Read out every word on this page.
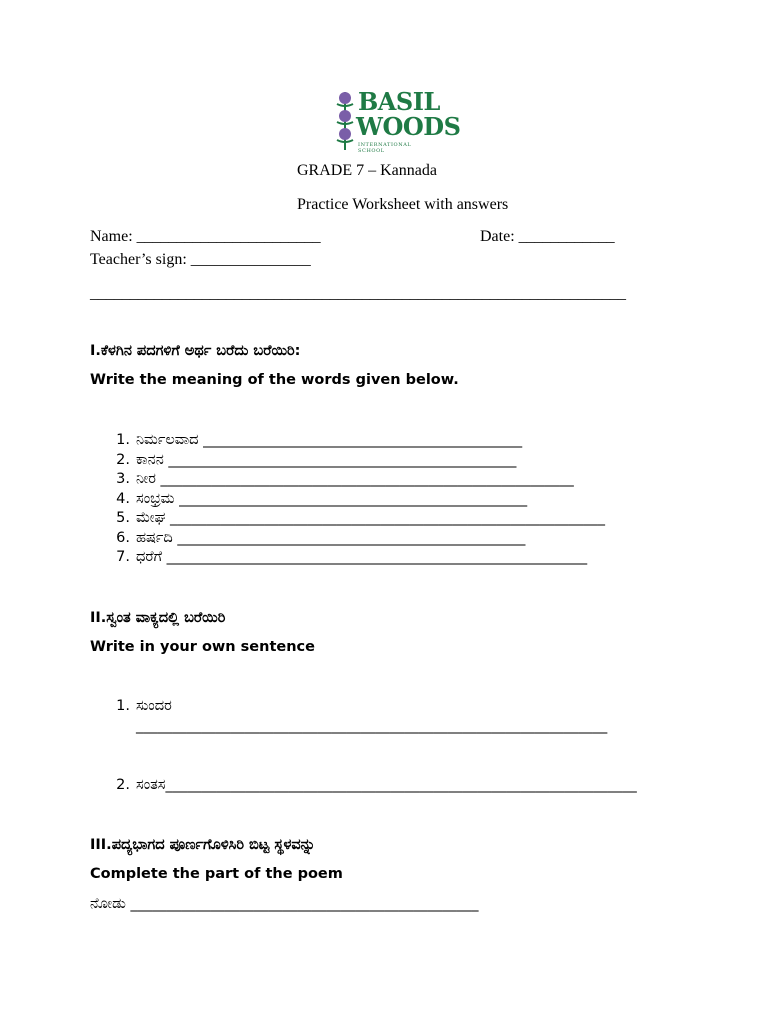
BASIL
WOODS
INTERNATIONAL SCHOOL
GRADE 7 – Kannada
Practice Worksheet with answers
Name: _______________________	Date: ____________
Teacher’s sign: _______________
___________________________________________________________________
I.ಕೆಳಗಿನ ಪದಗಳಿಗೆ ಅರ್ಥ ಬರೆದು ಬರೆಯಿರಿ:
Write the meaning of the words given below.
1. ನಿರ್ಮಲವಾದ ____________________________________________
2. ಕಾನನ ________________________________________________
3. ನೀರ _________________________________________________________
4. ಸಂಭ್ರಮ ________________________________________________
5. ಮೇಘ ____________________________________________________________
6. ಹರ್ಷದಿ ________________________________________________
7. ಧರೆಗೆ __________________________________________________________
II.ಸ್ವಂತ ವಾಕ್ಯದಲ್ಲಿ ಬರೆಯಿರಿ
Write in your own sentence
1. ಸುಂದರ
_________________________________________________________________
2. ಸಂತಸ_________________________________________________________________
III.ಪದ್ಯಭಾಗದ ಪೂರ್ಣಗೊಳಿಸಿರಿ ಬಿಟ್ಟ ಸ್ಥಳವನ್ನು
Complete the part of the poem
ನೋಡು ________________________________________________
